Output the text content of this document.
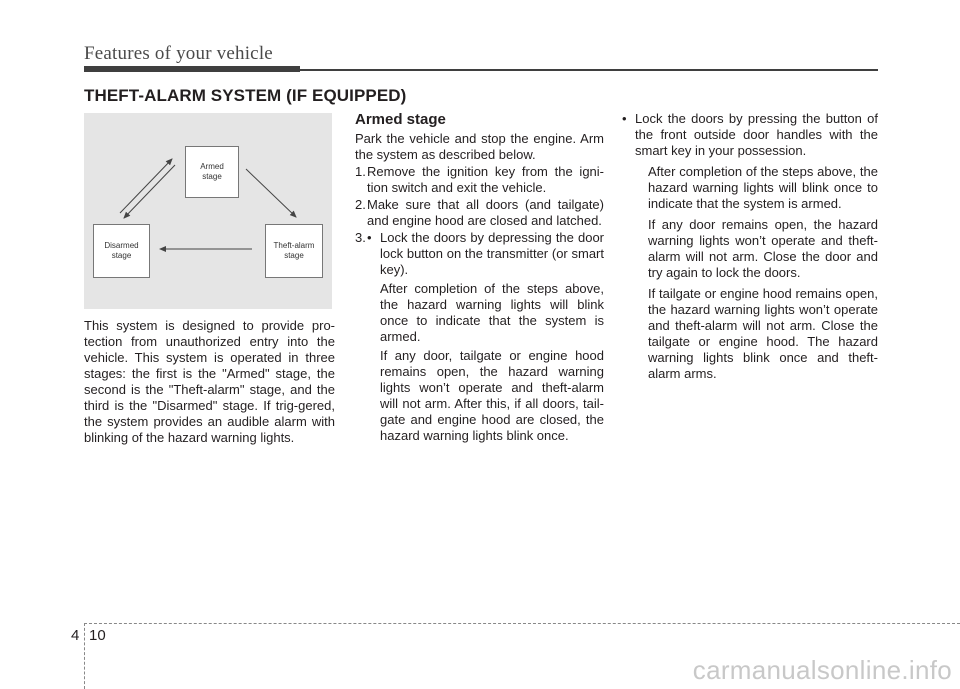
Features of your vehicle
THEFT-ALARM SYSTEM (IF EQUIPPED)
Armed
stage
Disarmed
stage
Theft-alarm
stage

This system is designed to provide pro-tection from unauthorized entry into the vehicle. This system is operated in three stages: the first is the "Armed" stage, the second is the "Theft-alarm" stage, and the third is the "Disarmed" stage. If trig-gered, the system provides an audible alarm with blinking of the hazard warning lights.

Armed stage

Park the vehicle and stop the engine. Arm the system as described below.

1. Remove the ignition key from the igni-tion switch and exit the vehicle.
2. Make sure that all doors (and tailgate) and engine hood are closed and latched.
3. • Lock the doors by depressing the door lock button on the transmitter (or smart key).

After completion of the steps above, the hazard warning lights will blink once to indicate that the system is armed.

If any door, tailgate or engine hood remains open, the hazard warning lights won’t operate and theft-alarm will not arm. After this, if all doors, tail-gate and engine hood are closed, the hazard warning lights blink once.

• Lock the doors by pressing the button of the front outside door handles with the smart key in your possession.

After completion of the steps above, the hazard warning lights will blink once to indicate that the system is armed.

If any door remains open, the hazard warning lights won’t operate and theft-alarm will not arm. Close the door and try again to lock the doors.

If tailgate or engine hood remains open, the hazard warning lights won’t operate and theft-alarm will not arm. Close the tailgate or engine hood. The hazard warning lights blink once and theft-alarm arms.

4 10
carmanualsonline.info
